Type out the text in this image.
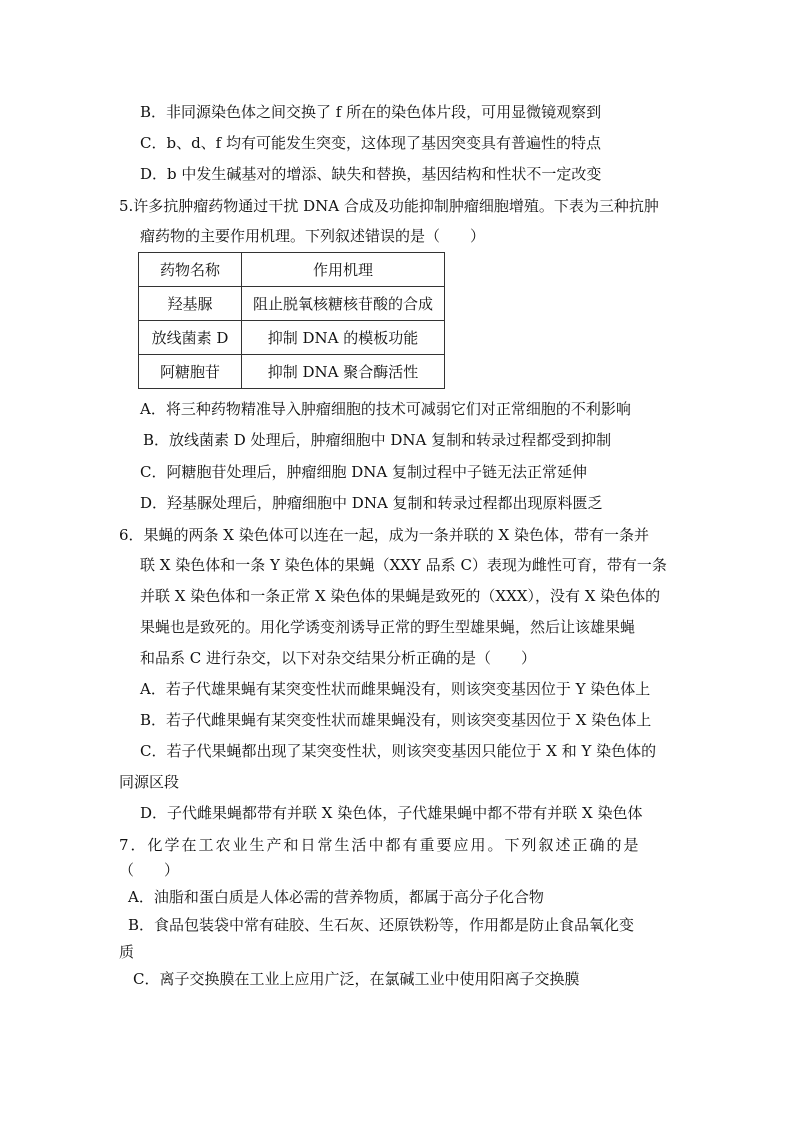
B．非同源染色体之间交换了 f 所在的染色体片段，可用显微镜观察到
C．b、d、f 均有可能发生突变，这体现了基因突变具有普遍性的特点
D．b 中发生碱基对的增添、缺失和替换，基因结构和性状不一定改变
5.许多抗肿瘤药物通过干扰 DNA 合成及功能抑制肿瘤细胞增殖。下表为三种抗肿
瘤药物的主要作用机理。下列叙述错误的是（　　）
药物名称	作用机理
羟基脲	阻止脱氧核糖核苷酸的合成
放线菌素 D	抑制 DNA 的模板功能
阿糖胞苷	抑制 DNA 聚合酶活性
A．将三种药物精准导入肿瘤细胞的技术可减弱它们对正常细胞的不利影响
B．放线菌素 D 处理后，肿瘤细胞中 DNA 复制和转录过程都受到抑制
C．阿糖胞苷处理后，肿瘤细胞 DNA 复制过程中子链无法正常延伸
D．羟基脲处理后，肿瘤细胞中 DNA 复制和转录过程都出现原料匮乏
6．果蝇的两条 X 染色体可以连在一起，成为一条并联的 X 染色体，带有一条并
联 X 染色体和一条 Y 染色体的果蝇（XXY 品系 C）表现为雌性可育，带有一条
并联 X 染色体和一条正常 X 染色体的果蝇是致死的（XXX），没有 X 染色体的
果蝇也是致死的。用化学诱变剂诱导正常的野生型雄果蝇，然后让该雄果蝇
和品系 C 进行杂交，以下对杂交结果分析正确的是（　　）
A．若子代雄果蝇有某突变性状而雌果蝇没有，则该突变基因位于 Y 染色体上
B．若子代雌果蝇有某突变性状而雄果蝇没有，则该突变基因位于 X 染色体上
C．若子代果蝇都出现了某突变性状，则该突变基因只能位于 X 和 Y 染色体的
同源区段
D．子代雌果蝇都带有并联 X 染色体，子代雄果蝇中都不带有并联 X 染色体
7．化学在工农业生产和日常生活中都有重要应用。下列叙述正确的是
（　　）
A．油脂和蛋白质是人体必需的营养物质，都属于高分子化合物
B．食品包装袋中常有硅胶、生石灰、还原铁粉等，作用都是防止食品氧化变
质
C．离子交换膜在工业上应用广泛，在氯碱工业中使用阳离子交换膜
